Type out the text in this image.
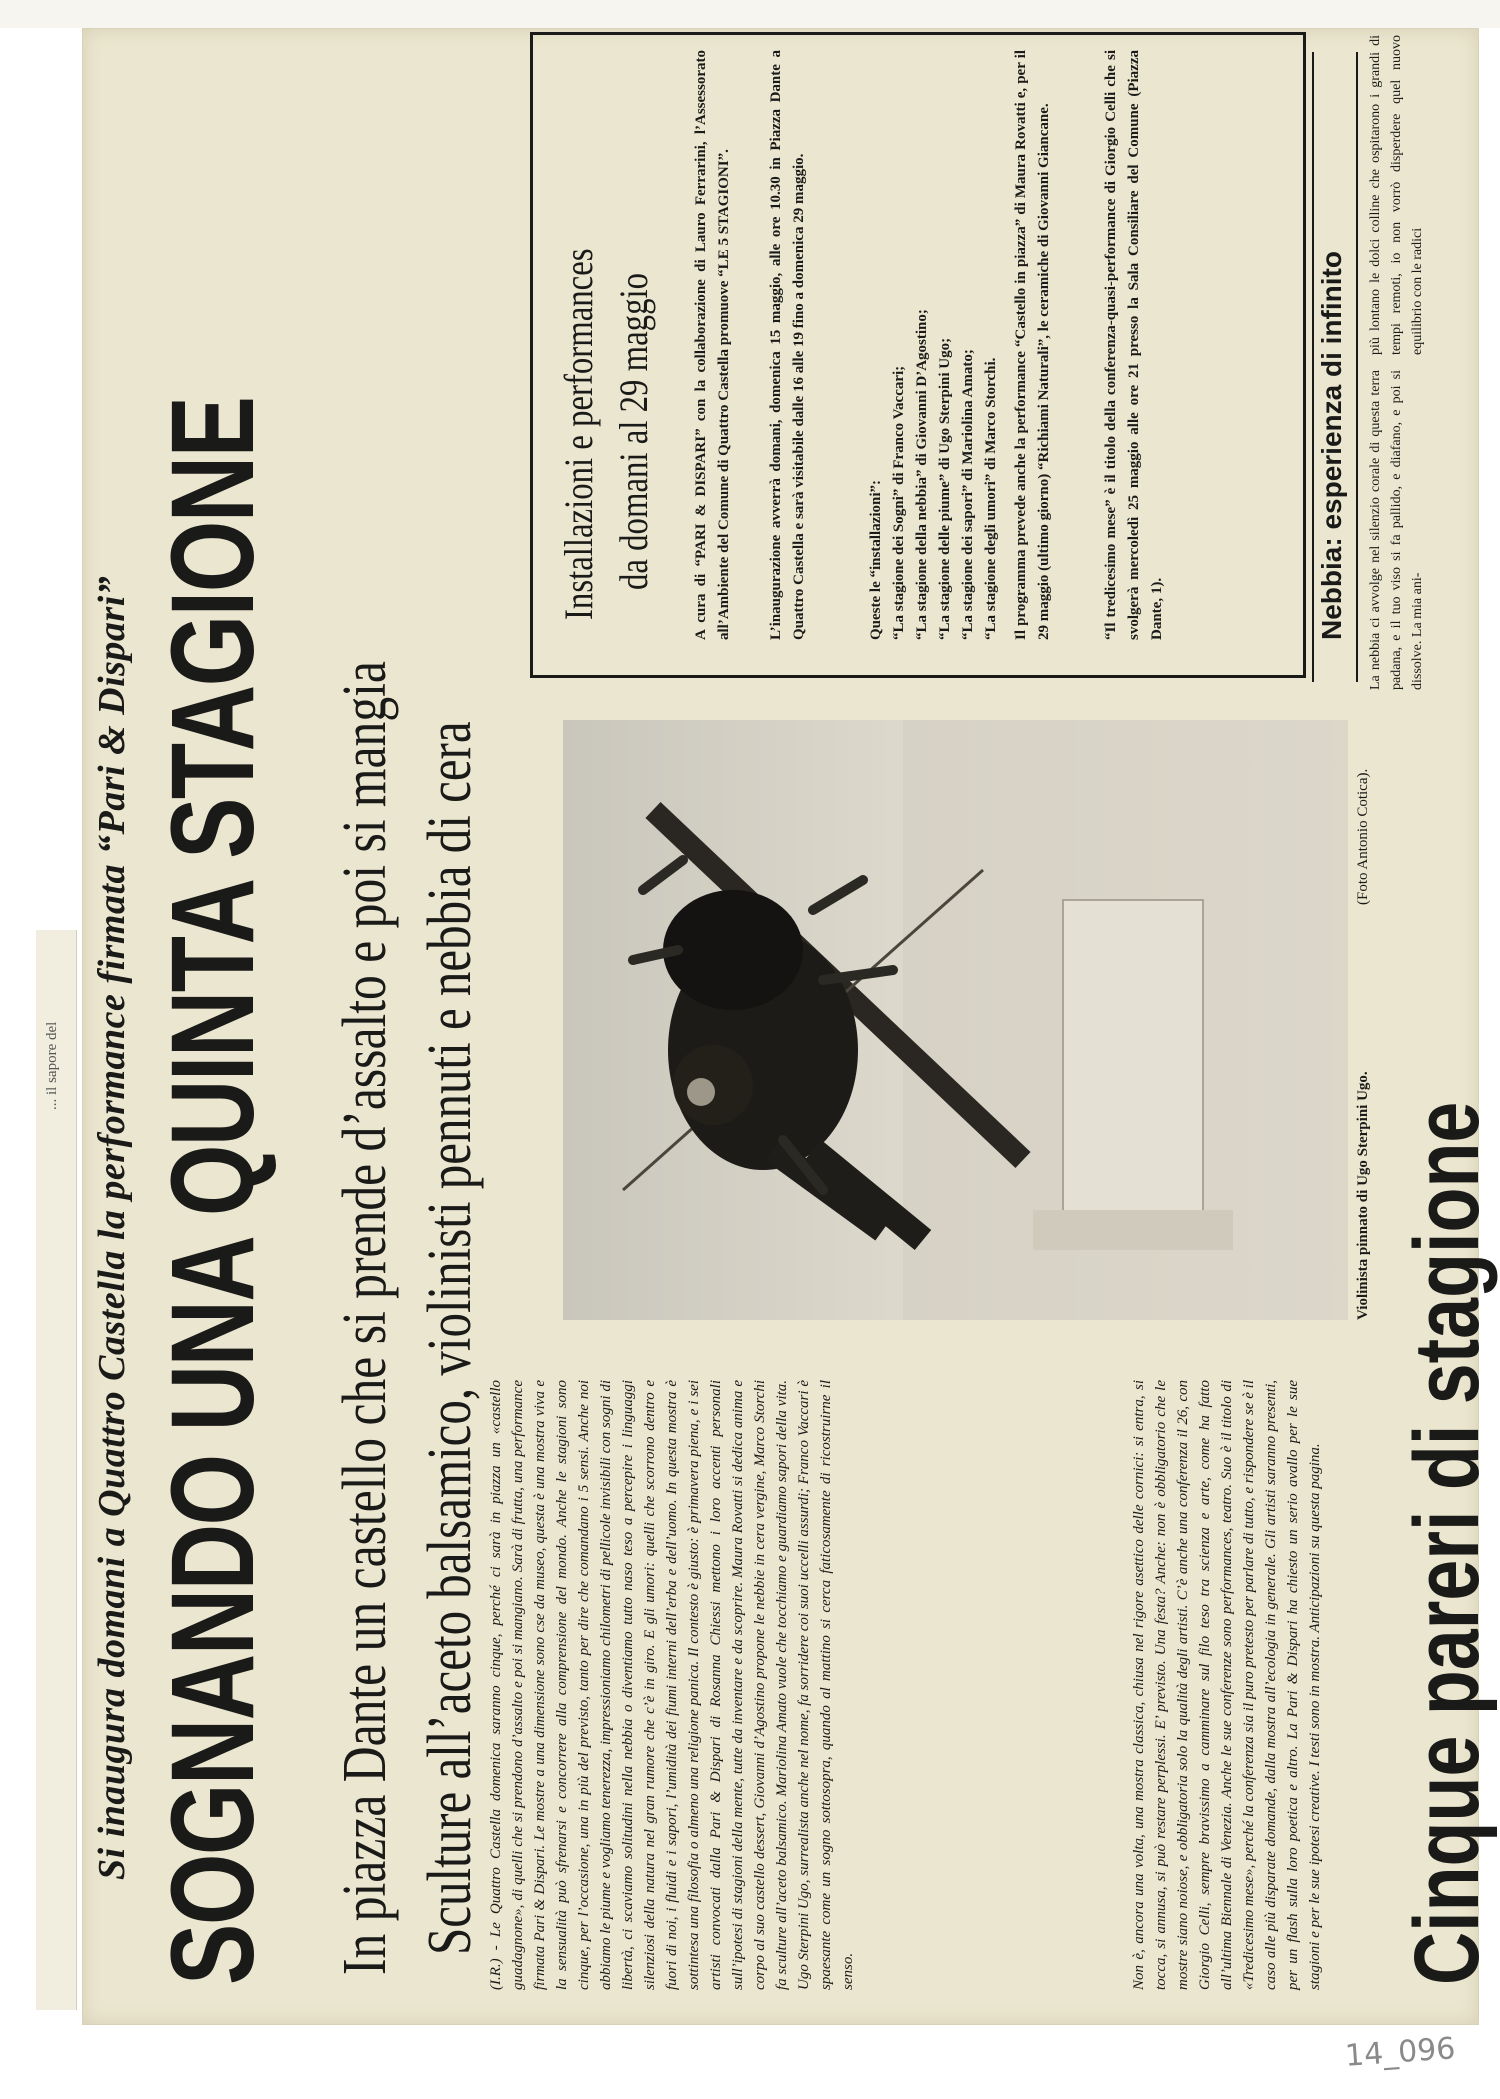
... il sapore del Si inaugura domani a Quattro Castella la performance firmata “Pari & Dispari” SOGNANDO UNA QUINTA STAGIONE In piazza Dante un castello che si prende d’assalto e poi si mangia Sculture all’aceto balsamico, violinisti pennuti e nebbia di cera (I.R.) - Le Quattro Castella domenica saranno cinque, perché ci sarà in piazza un «castello guadagnone», di quelli che si prendono d’assalto e poi si mangiano. Sarà di frutta, una performance firmata Pari & Dispari. Le mostre a una dimensione sono cse da museo, questa è una mostra viva e la sensualità può sfrenarsi e concorrere alla comprensione del mondo. Anche le stagioni sono cinque, per l’occasione, una in più del previsto, tanto per dire che comandano i 5 sensi. Anche noi abbiamo le piume e vogliamo tenerezza, impressioniamo chilometri di pellicole invisibili con sogni di libertà, ci scaviamo solitudini nella nebbia o diventiamo tutto naso teso a percepire i linguaggi silenziosi della natura nel gran rumore che c’è in giro. E gli umori: quelli che scorrono dentro e fuori di noi, i fluidi e i sapori, l’umidità dei fiumi interni dell’erba e dell’uomo. In questa mostra è sottintesa una filosofia o almeno una religione panica. Il contesto è giusto: è primavera piena, e i sei artisti convocati dalla Pari & Dispari di Rosanna Chiessi mettono i loro accenti personali sull’ipotesi di stagioni della mente, tutte da inventare e da scoprire. Maura Rovatti si dedica anima e corpo al suo castello dessert, Giovanni d’Agostino propone le nebbie in cera vergine, Marco Storchi fa sculture all’aceto balsamico. Mariolina Amato vuole che tocchiamo e guardiamo sapori della vita. Ugo Sterpini Ugo, surrealista anche nel nome, fa sorridere coi suoi uccelli assurdi; Franco Vaccari è spaesante come un sogno sottosopra, quando al mattino si cerca faticosamente di ricostruirne il senso.	Non è, ancora una volta, una mostra classica, chiusa nel rigore asettico delle cornici: si entra, si tocca, si annusa, si può restare perplessi. E’ previsto. Una festa? Anche: non è obbligatorio che le mostre siano noiose, e obbligatoria solo la qualità degli artisti. C’è anche una conferenza il 26, con Giorgio Celli, sempre bravissimo a camminare sul filo teso tra scienza e arte, come ha fatto all’ultima Biennale di Venezia. Anche le sue conferenze sono performances, teatro. Suo è il titolo di «Tredicesimo mese», perché la conferenza sia il puro pretesto per parlare di tutto, e rispondere se è il caso alle più disparate domande, dalla mostra all’ecologia in generale. Gli artisti saranno presenti, per un flash sulla loro poetica e altro. La Pari & Dispari ha chiesto un serio avallo per le sue stagioni e per le sue ipotesi creative. I testi sono in mostra. Anticipazioni su questa pagina.
Violinista pinnato di Ugo Sterpini Ugo.
(Foto Antonio Cotica).
Installazioni e performances da domani al 29 maggio A cura di “PARI & DISPARI” con la collaborazione di Lauro Ferrarini, l’Assessorato all’Ambiente del Comune di Quattro Castella promuove “LE 5 STAGIONI”. L’inaugurazione avverrà domani, domenica 15 maggio, alle ore 10.30 in Piazza Dante a Quattro Castella e sarà visitabile dalle 16 alle 19 fino a domenica 29 maggio.	Queste le “installazioni”: “La stagione dei Sogni” di Franco Vaccari; “La stagione della nebbia” di Giovanni D’Agostino; “La stagione delle piume” di Ugo Sterpini Ugo; “La stagione dei sapori” di Mariolina Amato; “La stagione degli umori” di Marco Storchi. Il programma prevede anche la performance “Castello in piazza” di Maura Rovatti e, per il 29 maggio (ultimo giorno) “Richiami Naturali”, le ceramiche di Giovanni Giancane.	“Il tredicesimo mese” è il titolo della conferenza-quasi-performance di Giorgio Celli che si svolgerà mercoledì 25 maggio alle ore 21 presso la Sala Consiliare del Comune (Piazza Dante, 1).	Nebbia: esperienza di infinito La nebbia ci avvolge nel silenzio corale di questa terra padana, e il tuo viso si fa pallido, e diafano, e poi si dissolve. La mia ani-
più lontano le dolci colline che ospitarono i grandi di tempi remoti, io non vorrò disperdere quel nuovo equilibrio con le radici
Cinque pareri di stagione
14_096
